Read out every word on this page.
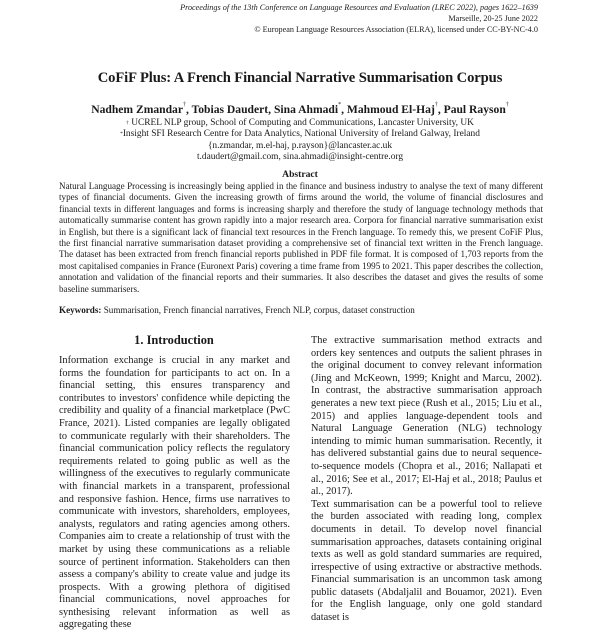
Proceedings of the 13th Conference on Language Resources and Evaluation (LREC 2022), pages 1622–1639
Marseille, 20-25 June 2022
© European Language Resources Association (ELRA), licensed under CC-BY-NC-4.0
CoFiF Plus: A French Financial Narrative Summarisation Corpus
Nadhem Zmandar†, Tobias Daudert, Sina Ahmadi*, Mahmoud El-Haj†, Paul Rayson†
† UCREL NLP group, School of Computing and Communications, Lancaster University, UK
*Insight SFI Research Centre for Data Analytics, National University of Ireland Galway, Ireland
{n.zmandar, m.el-haj, p.rayson}@lancaster.ac.uk
t.daudert@gmail.com, sina.ahmadi@insight-centre.org
Abstract
Natural Language Processing is increasingly being applied in the finance and business industry to analyse the text of many different types of financial documents. Given the increasing growth of firms around the world, the volume of financial disclosures and financial texts in different languages and forms is increasing sharply and therefore the study of language technology methods that automatically summarise content has grown rapidly into a major research area. Corpora for financial narrative summarisation exist in English, but there is a significant lack of financial text resources in the French language. To remedy this, we present CoFiF Plus, the first financial narrative summarisation dataset providing a comprehensive set of financial text written in the French language. The dataset has been extracted from french financial reports published in PDF file format. It is composed of 1,703 reports from the most capitalised companies in France (Euronext Paris) covering a time frame from 1995 to 2021. This paper describes the collection, annotation and validation of the financial reports and their summaries. It also describes the dataset and gives the results of some baseline summarisers.
Keywords: Summarisation, French financial narratives, French NLP, corpus, dataset construction
1. Introduction

Information exchange is crucial in any market and forms the foundation for participants to act on. In a financial setting, this ensures transparency and contributes to investors' confidence while depicting the credibility and quality of a financial marketplace (PwC France, 2021). Listed companies are legally obligated to communicate regularly with their shareholders. The financial communication policy reflects the regulatory requirements related to going public as well as the willingness of the executives to regularly communicate with financial markets in a transparent, professional and responsive fashion. Hence, firms use narratives to communicate with investors, shareholders, employees, analysts, regulators and rating agencies among others. Companies aim to create a relationship of trust with the market by using these communications as a reliable source of pertinent information. Stakeholders can then assess a company's ability to create value and judge its prospects. With a growing plethora of digitised financial communications, novel approaches for synthesising relevant information as well as aggregating these

The extractive summarisation method extracts and orders key sentences and outputs the salient phrases in the original document to convey relevant information (Jing and McKeown, 1999; Knight and Marcu, 2002). In contrast, the abstractive summarisation approach generates a new text piece (Rush et al., 2015; Liu et al., 2015) and applies language-dependent tools and Natural Language Generation (NLG) technology intending to mimic human summarisation. Recently, it has delivered substantial gains due to neural sequence-to-sequence models (Chopra et al., 2016; Nallapati et al., 2016; See et al., 2017; El-Haj et al., 2018; Paulus et al., 2017).

Text summarisation can be a powerful tool to relieve the burden associated with reading long, complex documents in detail. To develop novel financial summarisation approaches, datasets containing original texts as well as gold standard summaries are required, irrespective of using extractive or abstractive methods. Financial summarisation is an uncommon task among public datasets (Abdaljalil and Bouamor, 2021). Even for the English language, only one gold standard dataset is
